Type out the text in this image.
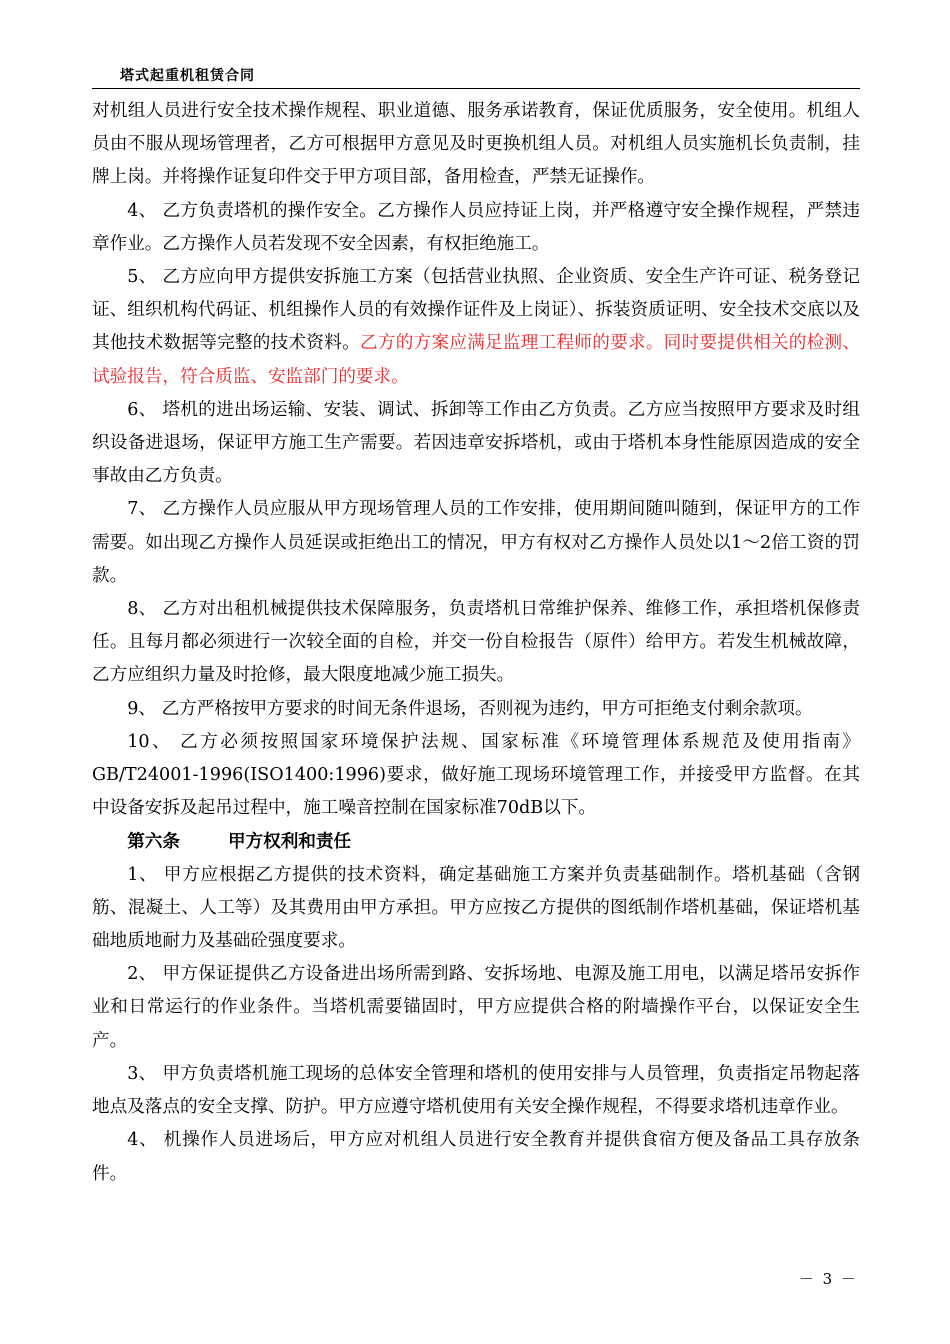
塔式起重机租赁合同

对机组人员进行安全技术操作规程、职业道德、服务承诺教育，保证优质服务，安全使用。机组人员由不服从现场管理者，乙方可根据甲方意见及时更换机组人员。对机组人员实施机长负责制，挂牌上岗。并将操作证复印件交于甲方项目部，备用检查，严禁无证操作。

4、 乙方负责塔机的操作安全。乙方操作人员应持证上岗，并严格遵守安全操作规程，严禁违章作业。乙方操作人员若发现不安全因素，有权拒绝施工。

5、 乙方应向甲方提供安拆施工方案（包括营业执照、企业资质、安全生产许可证、税务登记证、组织机构代码证、机组操作人员的有效操作证件及上岗证）、拆装资质证明、安全技术交底以及其他技术数据等完整的技术资料。乙方的方案应满足监理工程师的要求。同时要提供相关的检测、试验报告，符合质监、安监部门的要求。

6、 塔机的进出场运输、安装、调试、拆卸等工作由乙方负责。乙方应当按照甲方要求及时组织设备进退场，保证甲方施工生产需要。若因违章安拆塔机，或由于塔机本身性能原因造成的安全事故由乙方负责。

7、 乙方操作人员应服从甲方现场管理人员的工作安排，使用期间随叫随到，保证甲方的工作需要。如出现乙方操作人员延误或拒绝出工的情况，甲方有权对乙方操作人员处以1～2倍工资的罚款。

8、 乙方对出租机械提供技术保障服务，负责塔机日常维护保养、维修工作，承担塔机保修责任。且每月都必须进行一次较全面的自检，并交一份自检报告（原件）给甲方。若发生机械故障，乙方应组织力量及时抢修，最大限度地减少施工损失。

9、 乙方严格按甲方要求的时间无条件退场，否则视为违约，甲方可拒绝支付剩余款项。

10、 乙方必须按照国家环境保护法规、国家标准《环境管理体系规范及使用指南》GB/T24001-1996(ISO1400:1996)要求，做好施工现场环境管理工作，并接受甲方监督。在其中设备安拆及起吊过程中，施工噪音控制在国家标准70dB以下。

第六条	甲方权利和责任

1、 甲方应根据乙方提供的技术资料，确定基础施工方案并负责基础制作。塔机基础（含钢筋、混凝土、人工等）及其费用由甲方承担。甲方应按乙方提供的图纸制作塔机基础，保证塔机基础地质地耐力及基础砼强度要求。

2、 甲方保证提供乙方设备进出场所需到路、安拆场地、电源及施工用电，以满足塔吊安拆作业和日常运行的作业条件。当塔机需要锚固时，甲方应提供合格的附墙操作平台，以保证安全生产。

3、 甲方负责塔机施工现场的总体安全管理和塔机的使用安排与人员管理，负责指定吊物起落地点及落点的安全支撑、防护。甲方应遵守塔机使用有关安全操作规程，不得要求塔机违章作业。

4、 机操作人员进场后，甲方应对机组人员进行安全教育并提供食宿方便及备品工具存放条件。

－ 3 －
